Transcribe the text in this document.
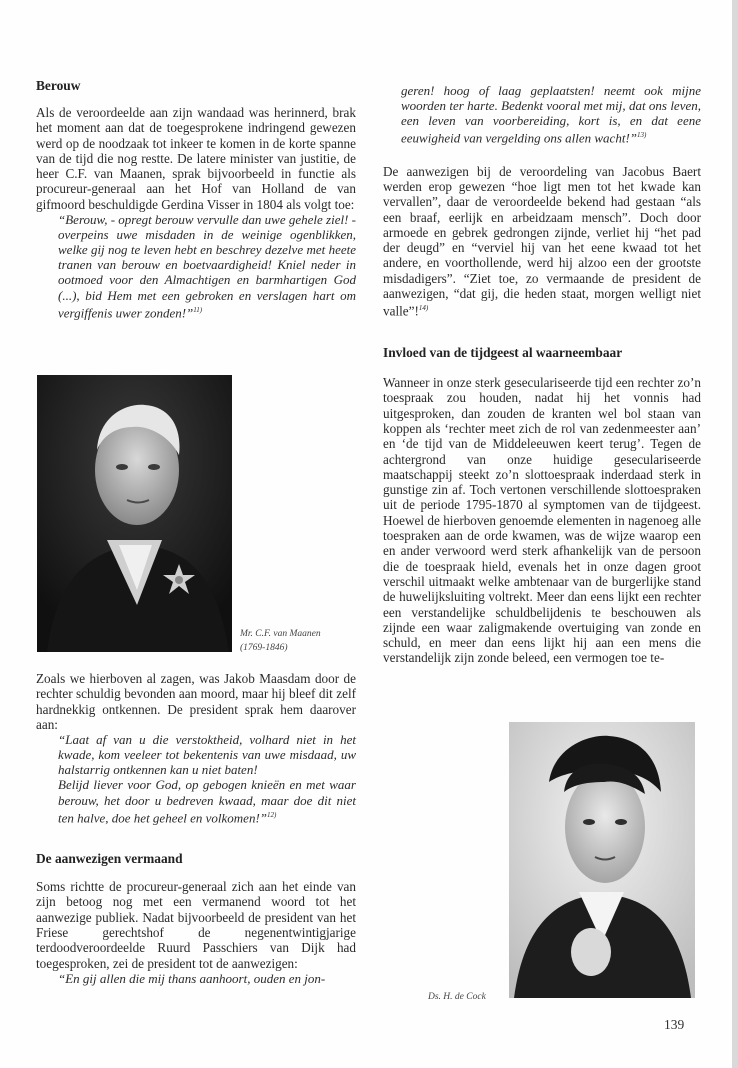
Berouw

Als de veroordeelde aan zijn wandaad was herinnerd, brak het moment aan dat de toegesprokene indringend gewezen werd op de noodzaak tot inkeer te komen in de korte spanne van de tijd die nog restte. De latere minister van justitie, de heer C.F. van Maanen, sprak bijvoorbeeld in functie als procureur-generaal aan het Hof van Holland de van gifmoord beschuldigde Gerdina Visser in 1804 als volgt toe:

“Berouw, - opregt berouw vervulle dan uwe gehele ziel! - overpeins uwe misdaden in de weinige ogenblikken, welke gij nog te leven hebt en beschrey dezelve met heete tranen van berouw en boetvaardigheid! Kniel neder in ootmoed voor den Almachtigen en barmhartigen God (...), bid Hem met een gebroken en verslagen hart om vergiffenis uwer zonden!”$^{11)}$

Mr. C.F. van Maanen
(1769-1846)

Zoals we hierboven al zagen, was Jakob Maasdam door de rechter schuldig bevonden aan moord, maar hij bleef dit zelf hardnekkig ontkennen. De president sprak hem daarover aan:

“Laat af van u die verstoktheid, volhard niet in het kwade, kom veeleer tot bekentenis van uwe misdaad, uw halstarrig ontkennen kan u niet baten!

Belijd liever voor God, op gebogen knieën en met waar berouw, het door u bedreven kwaad, maar doe dit niet ten halve, doe het geheel en volkomen!”$^{12)}$

De aanwezigen vermaand

Soms richtte de procureur-generaal zich aan het einde van zijn betoog nog met een vermanend woord tot het aanwezige publiek. Nadat bijvoorbeeld de president van het Friese gerechtshof de negenentwintigjarige terdoodveroordeelde Ruurd Passchiers van Dijk had toegesproken, zei de president tot de aanwezigen:

“En gij allen die mij thans aanhoort, ouden en jon-

geren! hoog of laag geplaatsten! neemt ook mijne woorden ter harte. Bedenkt vooral met mij, dat ons leven, een leven van voorbereiding, kort is, en dat eene eeuwigheid van vergelding ons allen wacht!”$^{13)}$

De aanwezigen bij de veroordeling van Jacobus Baert werden erop gewezen “hoe ligt men tot het kwade kan vervallen”, daar de veroordeelde bekend had gestaan “als een braaf, eerlijk en arbeidzaam mensch”. Doch door armoede en gebrek gedrongen zijnde, verliet hij “het pad der deugd” en “verviel hij van het eene kwaad tot het andere, en voorthollende, werd hij alzoo een der grootste misdadigers”. “Ziet toe, zo vermaande de president de aanwezigen, “dat gij, die heden staat, morgen welligt niet valle”!$^{14)}$

Invloed van de tijdgeest al waarneembaar

Wanneer in onze sterk geseculariseerde tijd een rechter zo’n toespraak zou houden, nadat hij het vonnis had uitgesproken, dan zouden de kranten wel bol staan van koppen als ‘rechter meet zich de rol van zedenmeester aan’ en ‘de tijd van de Middeleeuwen keert terug’. Tegen de achtergrond van onze huidige geseculariseerde maatschappij steekt zo’n slottoespraak inderdaad sterk in gunstige zin af. Toch vertonen verschillende slottoespraken uit de periode 1795-1870 al symptomen van de tijdgeest. Hoewel de hierboven genoemde elementen in nagenoeg alle toespraken aan de orde kwamen, was de wijze waarop een en ander verwoord werd sterk afhankelijk van de persoon die de toespraak hield, evenals het in onze dagen groot verschil uitmaakt welke ambtenaar van de burgerlijke stand de huwelijksluiting voltrekt. Meer dan eens lijkt een rechter een verstandelijke schuldbelijdenis te beschouwen als zijnde een waar zaligmakende overtuiging van zonde en schuld, en meer dan eens lijkt hij aan een mens die verstandelijk zijn zonde beleed, een vermogen toe te-

Ds. H. de Cock
139
